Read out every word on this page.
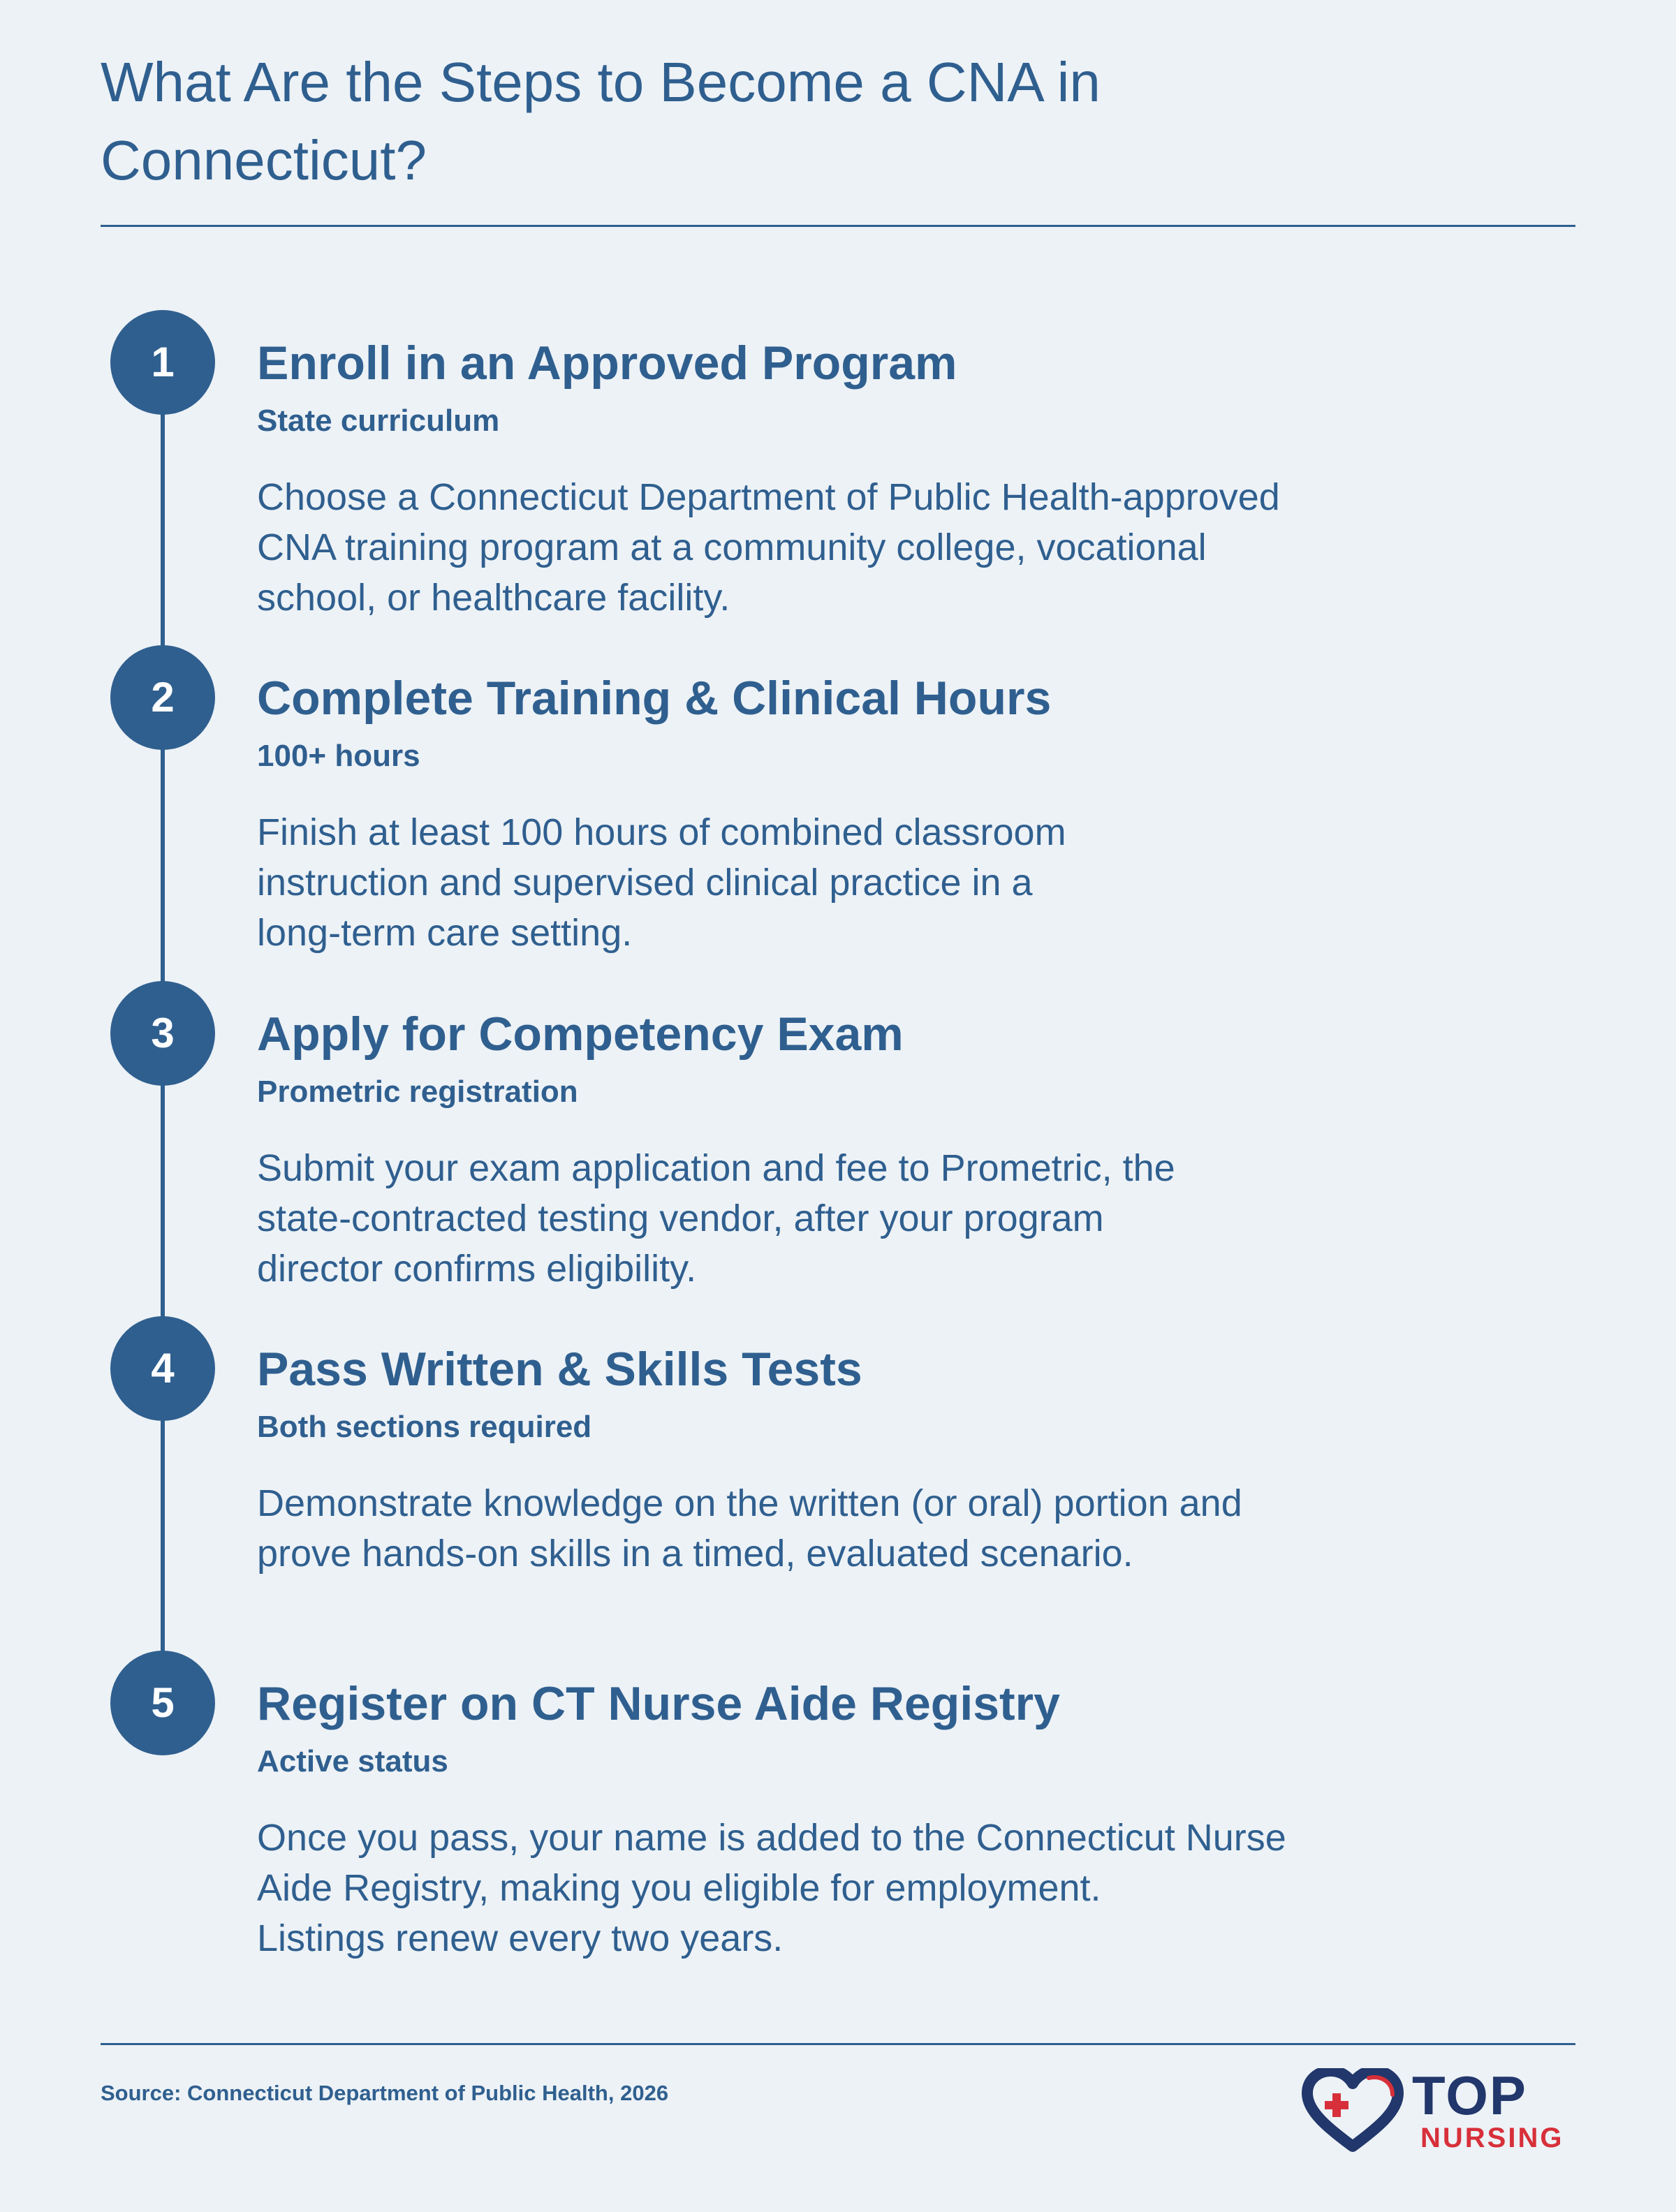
What Are the Steps to Become a CNA in
Connecticut?
1	Enroll in an Approved Program
State curriculum
Choose a Connecticut Department of Public Health-approved
CNA training program at a community college, vocational
school, or healthcare facility.
2	Complete Training & Clinical Hours
100+ hours
Finish at least 100 hours of combined classroom
instruction and supervised clinical practice in a
long-term care setting.
3	Apply for Competency Exam
Prometric registration
Submit your exam application and fee to Prometric, the
state-contracted testing vendor, after your program
director confirms eligibility.
4	Pass Written & Skills Tests
Both sections required
Demonstrate knowledge on the written (or oral) portion and
prove hands-on skills in a timed, evaluated scenario.
5	Register on CT Nurse Aide Registry
Active status
Once you pass, your name is added to the Connecticut Nurse
Aide Registry, making you eligible for employment.
Listings renew every two years.
Source: Connecticut Department of Public Health, 2026	TOP
NURSING
